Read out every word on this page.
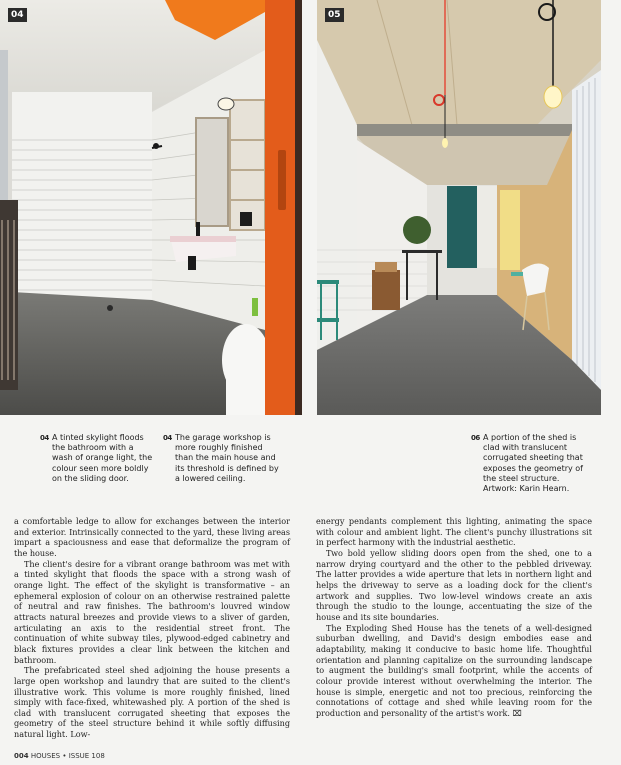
04	05
04 A tinted skylight floods the bathroom with a wash of orange light, the colour seen more boldly on the sliding door.
04 The garage workshop is more roughly finished than the main house and its threshold is defined by a lowered ceiling.
06 A portion of the shed is clad with translucent corrugated sheeting that exposes the geometry of the steel structure. Artwork: Karin Hearn.

a comfortable ledge to allow for exchanges between the interior and exterior. Intrinsically connected to the yard, these living areas impart a spaciousness and ease that deformalize the program of the house.

The client's desire for a vibrant orange bathroom was met with a tinted skylight that floods the space with a strong wash of orange light. The effect of the skylight is transformative – an ephemeral explosion of colour on an otherwise restrained palette of neutral and raw finishes. The bathroom's louvred window attracts natural breezes and provide views to a sliver of garden, articulating an axis to the residential street front. The continuation of white subway tiles, plywood-edged cabinetry and black fixtures provides a clear link between the kitchen and bathroom.

The prefabricated steel shed adjoining the house presents a large open workshop and laundry that are suited to the client's illustrative work. This volume is more roughly finished, lined simply with face-fixed, whitewashed ply. A portion of the shed is clad with translucent corrugated sheeting that exposes the geometry of the steel structure behind it while softly diffusing natural light. Low-

energy pendants complement this lighting, animating the space with colour and ambient light. The client's punchy illustrations sit in perfect harmony with the industrial aesthetic.

Two bold yellow sliding doors open from the shed, one to a narrow drying courtyard and the other to the pebbled driveway. The latter provides a wide aperture that lets in northern light and helps the driveway to serve as a loading dock for the client's artwork and supplies. Two low-level windows create an axis through the studio to the lounge, accentuating the size of the house and its site boundaries.

The Exploding Shed House has the tenets of a well-designed suburban dwelling, and David's design embodies ease and adaptability, making it conducive to basic home life. Thoughtful orientation and planning capitalize on the surrounding landscape to augment the building's small footprint, while the accents of colour provide interest without overwhelming the interior. The house is simple, energetic and not too precious, reinforcing the connotations of cottage and shed while leaving room for the production and personality of the artist's work. ⌧

004 HOUSES • ISSUE 108
